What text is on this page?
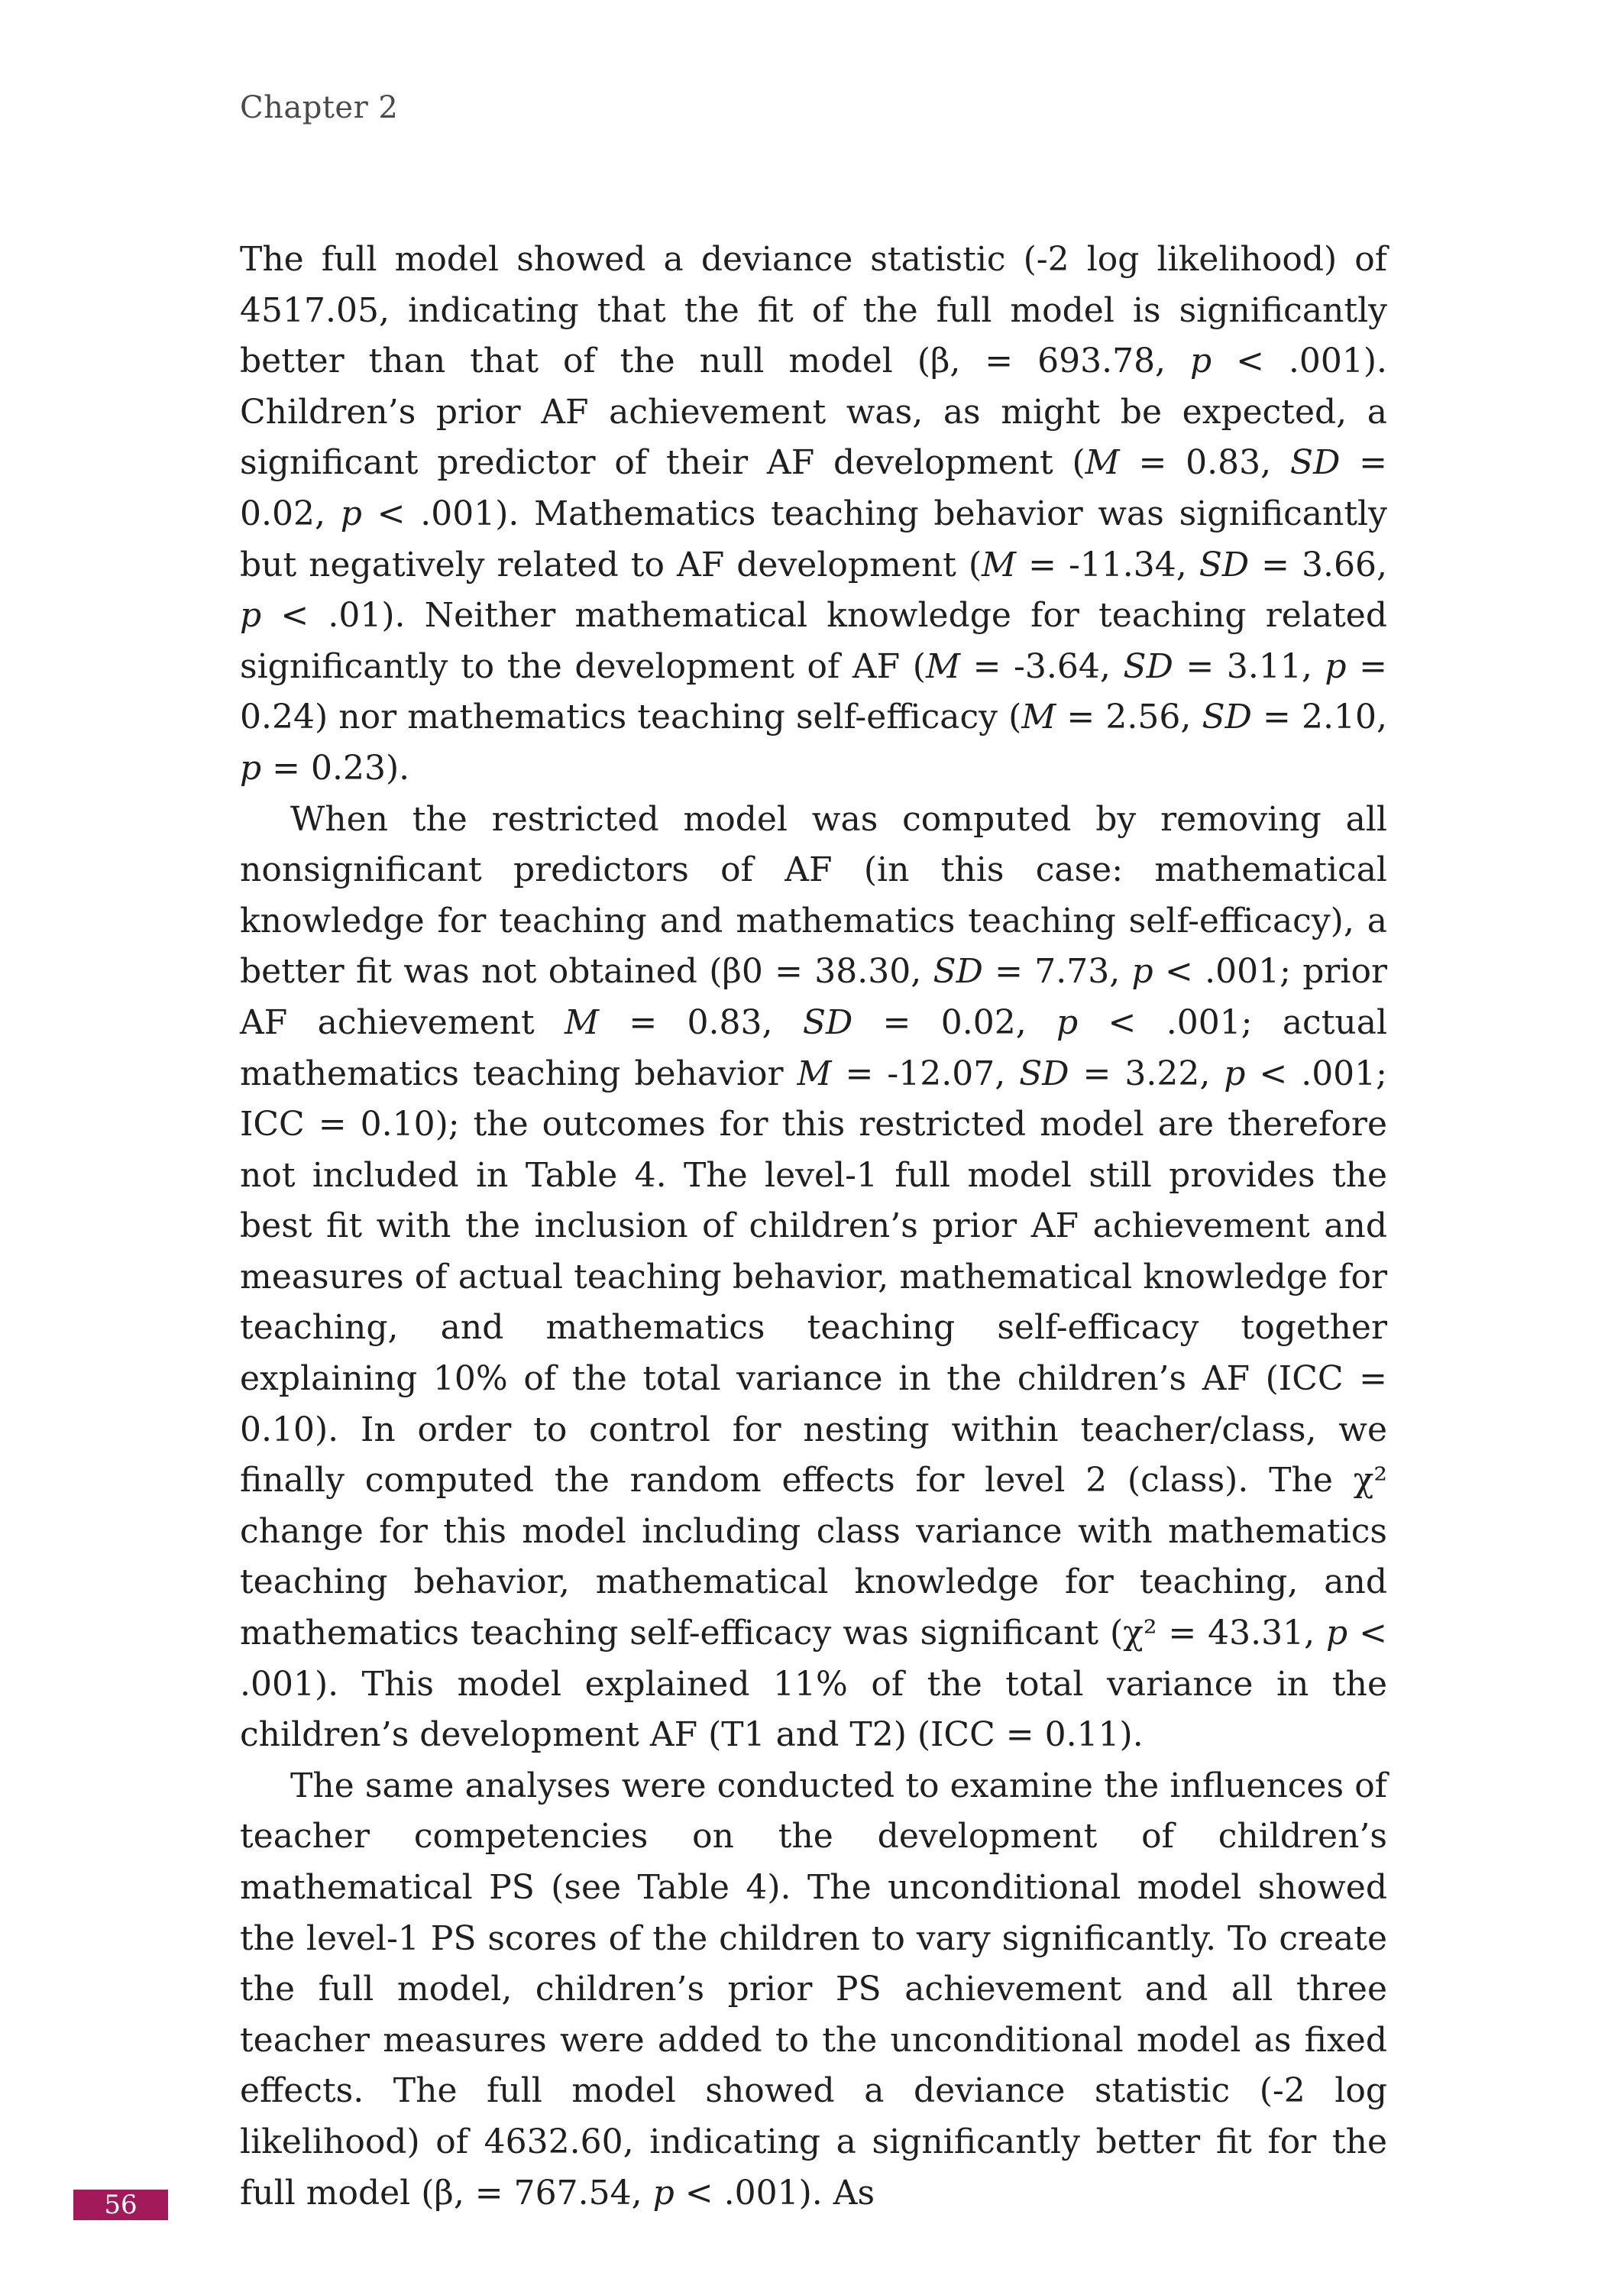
Chapter 2

The full model showed a deviance statistic (-2 log likelihood) of 4517.05, indicating that the fit of the full model is significantly better than that of the null model (β, = 693.78, p < .001). Children’s prior AF achievement was, as might be expected, a significant predictor of their AF development (M = 0.83, SD = 0.02, p < .001). Mathematics teaching behavior was significantly but negatively related to AF development (M = -11.34, SD = 3.66, p < .01). Neither mathematical knowledge for teaching related significantly to the development of AF (M = -3.64, SD = 3.11, p = 0.24) nor mathematics teaching self-efficacy (M = 2.56, SD = 2.10, p = 0.23).

When the restricted model was computed by removing all nonsignificant predictors of AF (in this case: mathematical knowledge for teaching and mathematics teaching self-efficacy), a better fit was not obtained (β0 = 38.30, SD = 7.73, p < .001; prior AF achievement M = 0.83, SD = 0.02, p < .001; actual mathematics teaching behavior M = -12.07, SD = 3.22, p < .001; ICC = 0.10); the outcomes for this restricted model are therefore not included in Table 4. The level-1 full model still provides the best fit with the inclusion of children’s prior AF achievement and measures of actual teaching behavior, mathematical knowledge for teaching, and mathematics teaching self-efficacy together explaining 10% of the total variance in the children’s AF (ICC = 0.10). In order to control for nesting within teacher/class, we finally computed the random effects for level 2 (class). The χ² change for this model including class variance with mathematics teaching behavior, mathematical knowledge for teaching, and mathematics teaching self-efficacy was significant (χ² = 43.31, p < .001). This model explained 11% of the total variance in the children’s development AF (T1 and T2) (ICC = 0.11).

The same analyses were conducted to examine the influences of teacher competencies on the development of children’s mathematical PS (see Table 4). The unconditional model showed the level-1 PS scores of the children to vary significantly. To create the full model, children’s prior PS achievement and all three teacher measures were added to the unconditional model as fixed effects. The full model showed a deviance statistic (-2 log likelihood) of 4632.60, indicating a significantly better fit for the full model (β, = 767.54, p < .001). As

56
